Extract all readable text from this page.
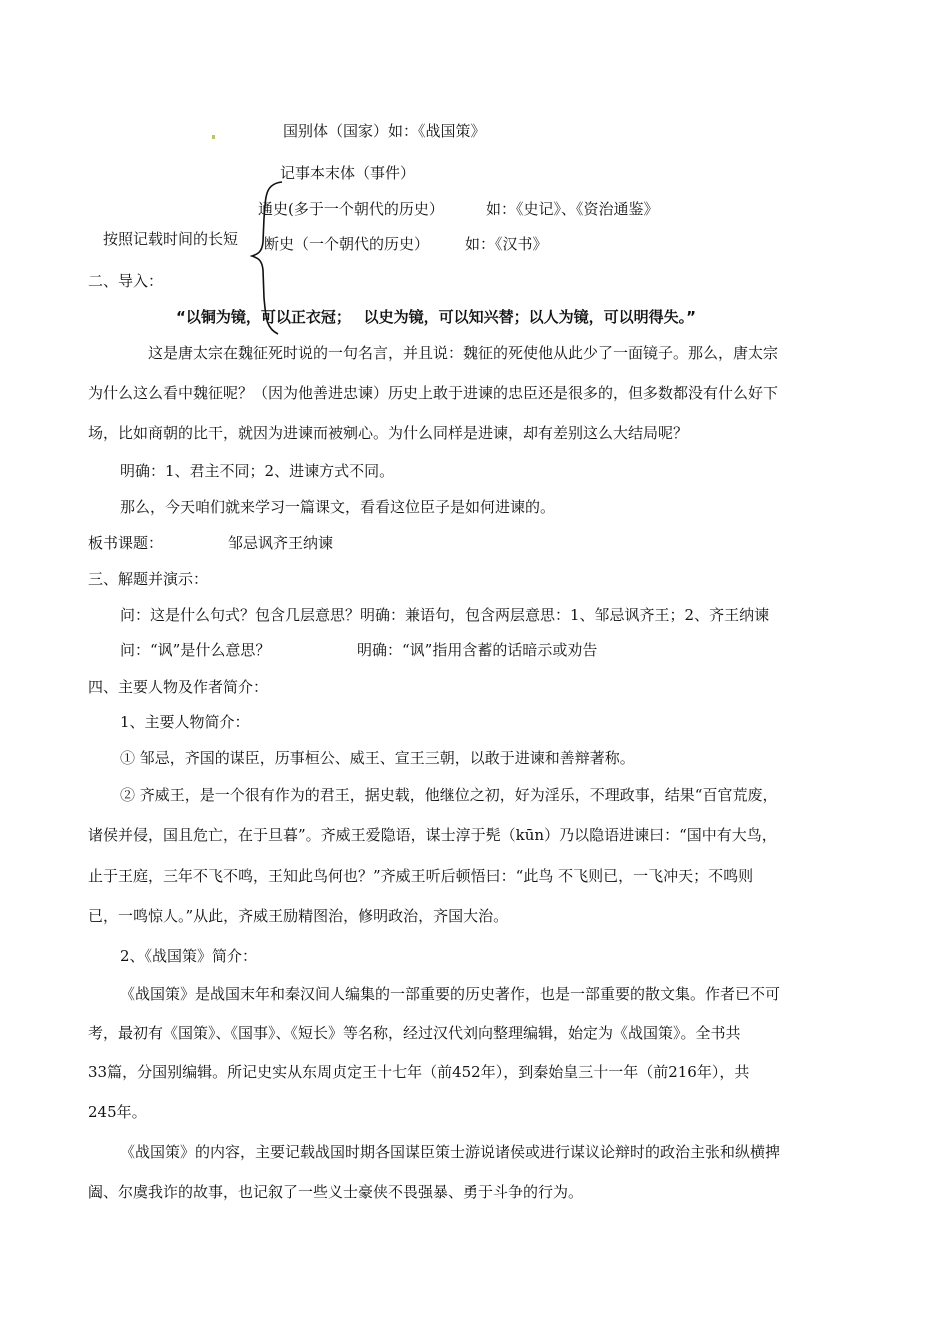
国别体（国家）如：《战国策》
记事本末体（事件）
通史(多于一个朝代的历史）	如：《史记》、《资治通鉴》
按照记载时间的长短 断史（一个朝代的历史） 如：《汉书》
二、导入：
“以铜为镜，可以正衣冠；　 以史为镜，可以知兴替；以人为镜，可以明得失。”
这是唐太宗在魏征死时说的一句名言，并且说：魏征的死使他从此少了一面镜子。那么，唐太宗
为什么这么看中魏征呢？（因为他善进忠谏）历史上敢于进谏的忠臣还是很多的，但多数都没有什么好下
场，比如商朝的比干，就因为进谏而被剜心。为什么同样是进谏，却有差别这么大结局呢？
明确：1、君主不同；2、进谏方式不同。
那么，今天咱们就来学习一篇课文，看看这位臣子是如何进谏的。
板书课题：	邹忌讽齐王纳谏
三、解题并演示：
问：这是什么句式？包含几层意思？明确：兼语句，包含两层意思：1、邹忌讽齐王；2、齐王纳谏
问：“讽”是什么意思？	明确：“讽”指用含蓄的话暗示或劝告
四、主要人物及作者简介：
1、主要人物简介：
① 邹忌，齐国的谋臣，历事桓公、威王、宣王三朝，以敢于进谏和善辩著称。
② 齐威王，是一个很有作为的君王，据史载，他继位之初，好为淫乐，不理政事，结果“百官荒废，
诸侯并侵，国且危亡，在于旦暮”。齐威王爱隐语，谋士淳于髡（kūn）乃以隐语进谏曰：“国中有大鸟，
止于王庭，三年不飞不鸣，王知此鸟何也？”齐威王听后顿悟曰：“此鸟 不飞则已，一飞冲天；不鸣则
已，一鸣惊人。”从此，齐威王励精图治，修明政治，齐国大治。
2、《战国策》简介：
《战国策》是战国末年和秦汉间人编集的一部重要的历史著作，也是一部重要的散文集。作者已不可
考，最初有《国策》、《国事》、《短长》等名称，经过汉代刘向整理编辑，始定为《战国策》。全书共
33篇，分国别编辑。所记史实从东周贞定王十七年（前452年），到秦始皇三十一年（前216年），共
245年。
《战国策》的内容，主要记载战国时期各国谋臣策士游说诸侯或进行谋议论辩时的政治主张和纵横捭
阖、尔虞我诈的故事，也记叙了一些义士豪侠不畏强暴、勇于斗争的行为。
